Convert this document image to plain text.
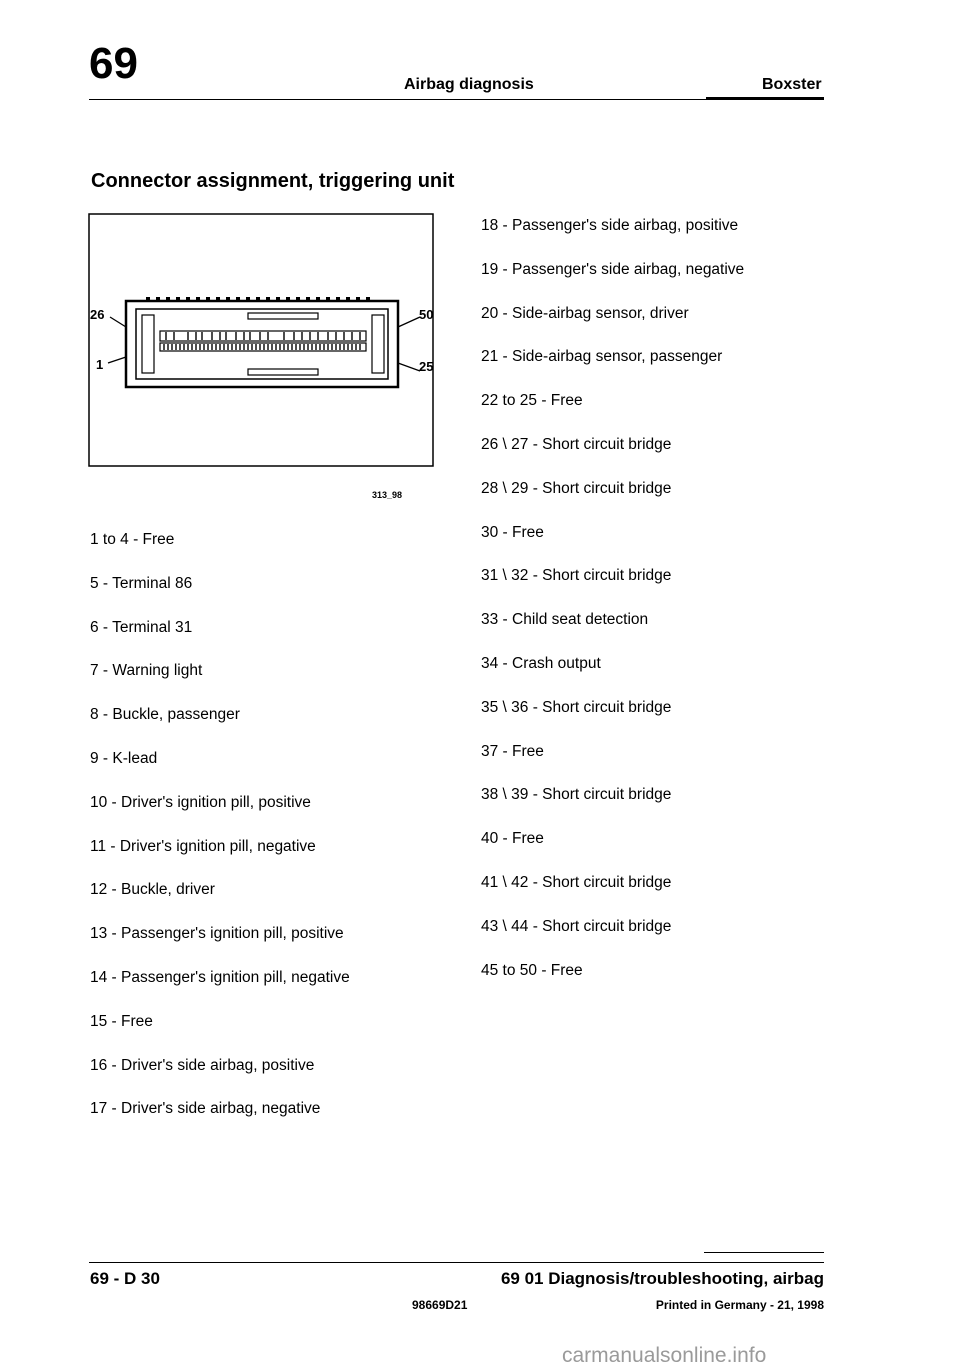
69	Airbag diagnosis	Boxster
Connector assignment, triggering unit
26
1
50
25
313_98
1 to 4 - Free
5 - Terminal 86
6 - Terminal 31
7 - Warning light
8 - Buckle, passenger
9 - K-lead
10 - Driver's ignition pill, positive
11 - Driver's ignition pill, negative
12 - Buckle, driver
13 - Passenger's ignition pill, positive
14 - Passenger's ignition pill, negative
15 - Free
16 - Driver's side airbag, positive
17 - Driver's side airbag, negative
18 - Passenger's side airbag, positive
19 - Passenger's side airbag, negative
20 - Side-airbag sensor, driver
21 - Side-airbag sensor, passenger
22 to 25 - Free
26 \ 27 - Short circuit bridge
28 \ 29 - Short circuit bridge
30 - Free
31 \ 32 - Short circuit bridge
33 - Child seat detection
34 - Crash output
35 \ 36 - Short circuit bridge
37 - Free
38 \ 39 - Short circuit bridge
40 - Free
41 \ 42 - Short circuit bridge
43 \ 44 - Short circuit bridge
45 to 50 - Free
69 - D 30	69 01 Diagnosis/troubleshooting, airbag
98669D21	Printed in Germany - 21, 1998
carmanualsonline.info
